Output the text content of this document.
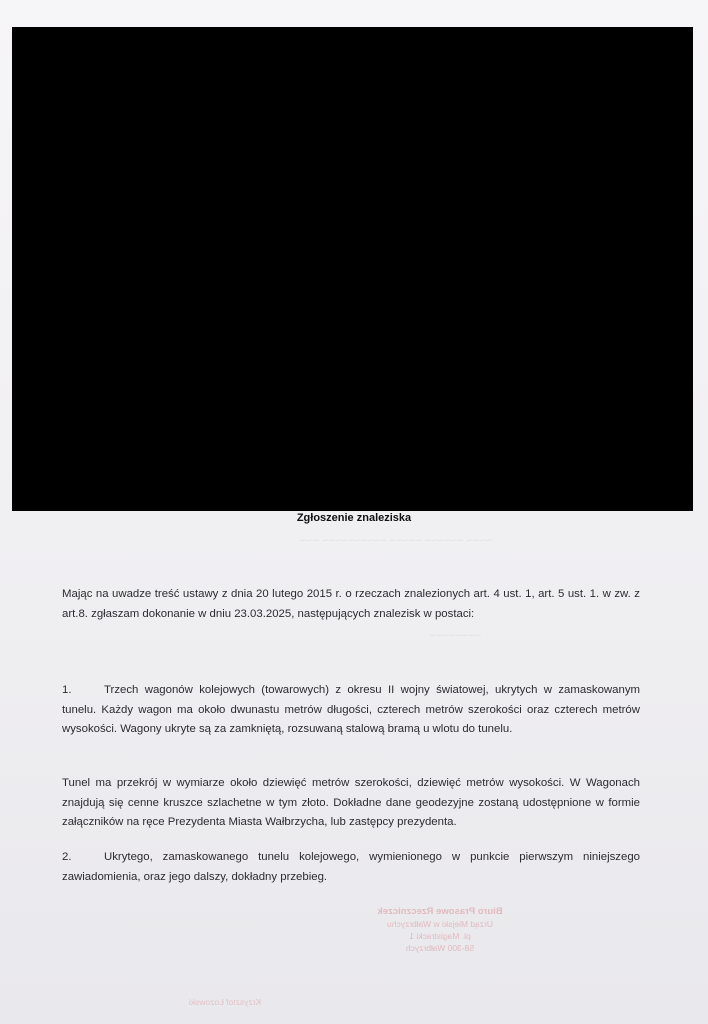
Zgłoszenie znaleziska
~~~~ ~~~~~~ ~~~~~ ~~~~~~~~~~ ~~~
~~~~~~~~
Mając na uwadze treść ustawy z dnia 20 lutego 2015 r. o rzeczach znalezionych art. 4 ust. 1, art. 5 ust. 1. w zw. z art.8. zgłaszam dokonanie w dniu 23.03.2025, następujących znalezisk w postaci:
1.	Trzech wagonów kolejowych (towarowych) z okresu II wojny światowej, ukrytych w zamaskowanym tunelu. Każdy wagon ma około dwunastu metrów długości, czterech metrów szerokości oraz czterech metrów wysokości. Wagony ukryte są za zamkniętą, rozsuwaną stalową bramą u wlotu do tunelu.
Tunel ma przekrój w wymiarze około dziewięć metrów szerokości, dziewięć metrów wysokości. W Wagonach znajdują się cenne kruszce szlachetne w tym złoto. Dokładne dane geodezyjne zostaną udostępnione w formie załączników na ręce Prezydenta Miasta Wałbrzycha, lub zastępcy prezydenta.
2.	Ukrytego, zamaskowanego tunelu kolejowego, wymienionego w punkcie pierwszym niniejszego zawiadomienia, oraz jego dalszy, dokładny przebieg.
Biuro Prasowe Rzeczniczek
Urząd Miejski w Wałbrzychu
pl. Magistracki 1
58-300 Wałbrzych
Krzysztof Łozowski
